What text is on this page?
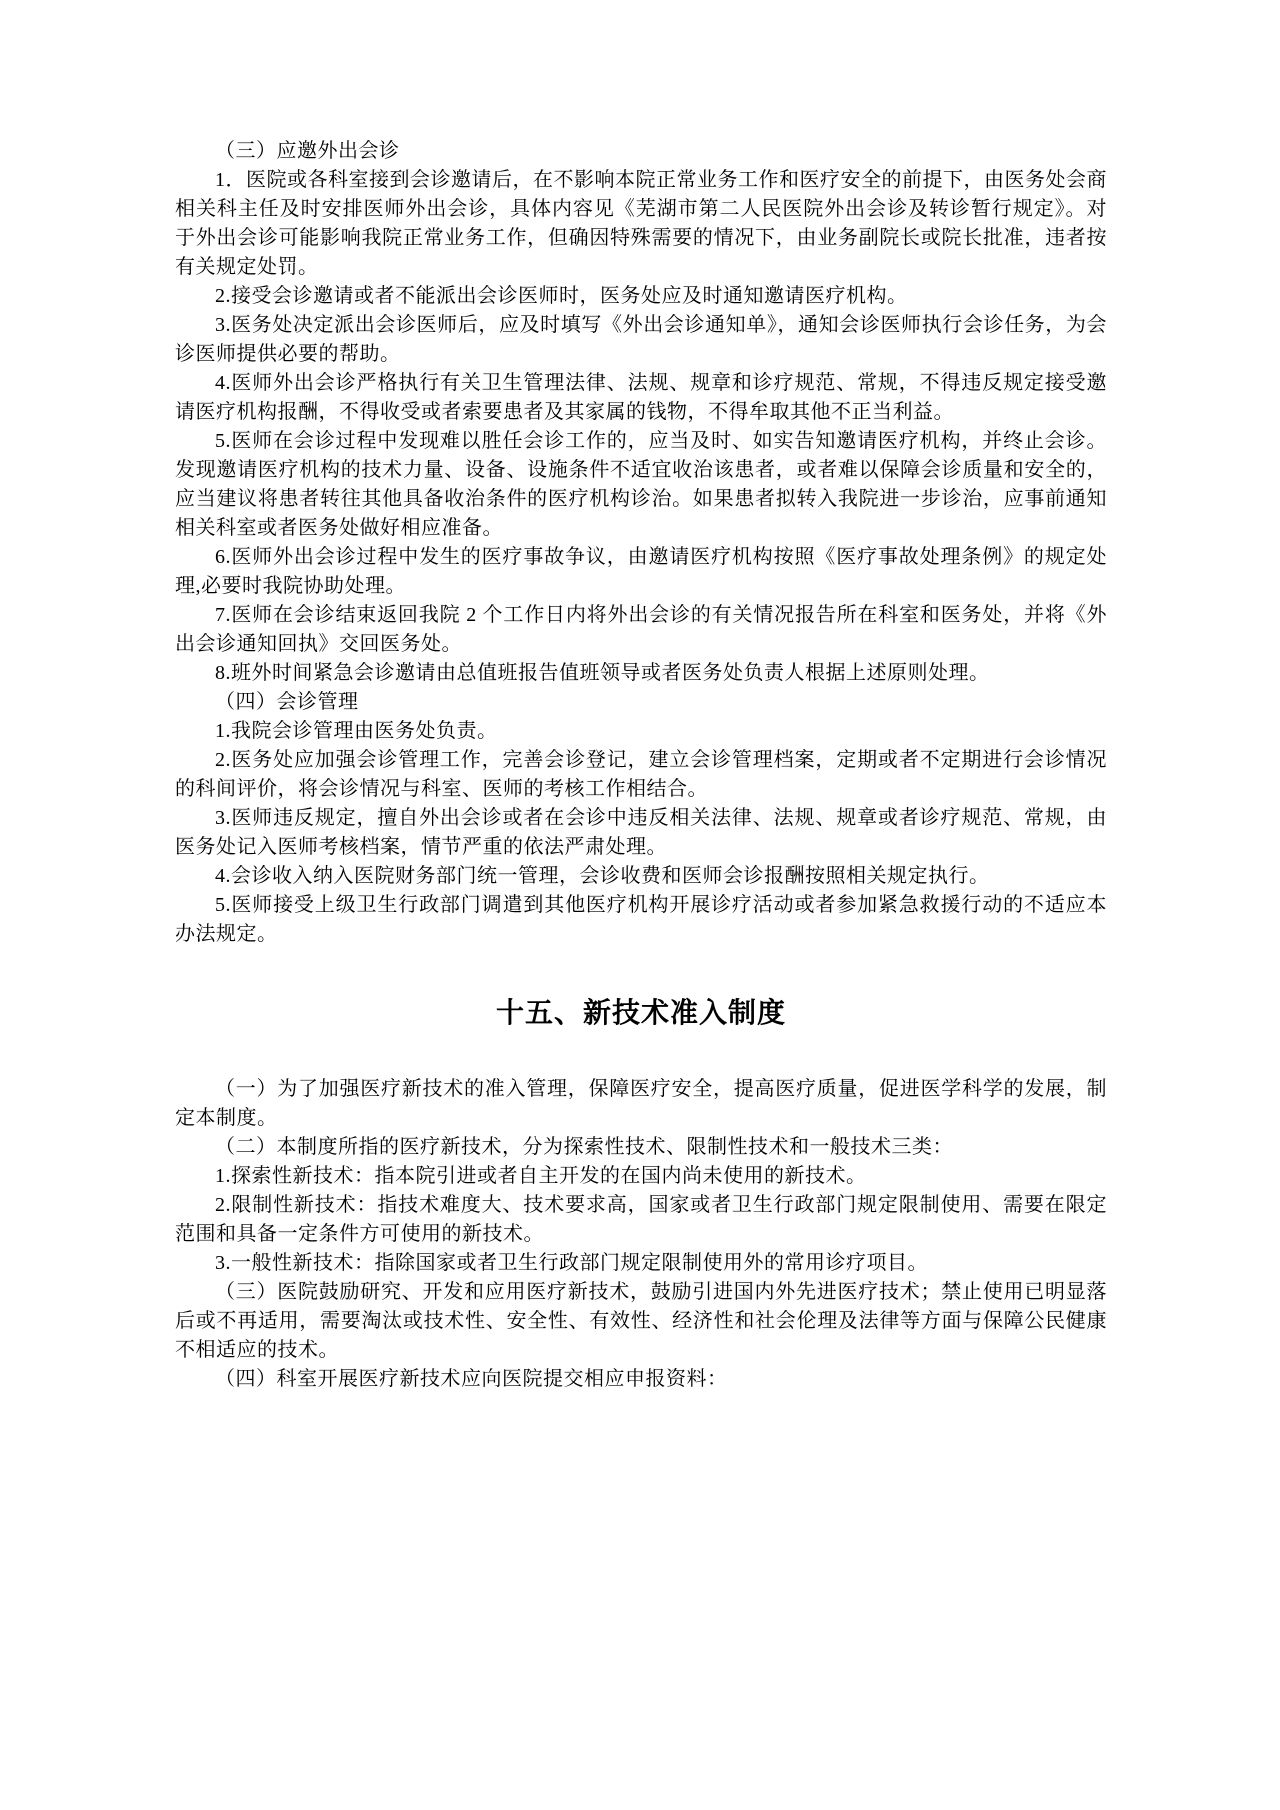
（三）应邀外出会诊

1．医院或各科室接到会诊邀请后，在不影响本院正常业务工作和医疗安全的前提下，由医务处会商相关科主任及时安排医师外出会诊，具体内容见《芜湖市第二人民医院外出会诊及转诊暂行规定》。对于外出会诊可能影响我院正常业务工作，但确因特殊需要的情况下，由业务副院长或院长批准，违者按有关规定处罚。

2.接受会诊邀请或者不能派出会诊医师时，医务处应及时通知邀请医疗机构。

3.医务处决定派出会诊医师后，应及时填写《外出会诊通知单》，通知会诊医师执行会诊任务，为会诊医师提供必要的帮助。

4.医师外出会诊严格执行有关卫生管理法律、法规、规章和诊疗规范、常规，不得违反规定接受邀请医疗机构报酬，不得收受或者索要患者及其家属的钱物，不得牟取其他不正当利益。

5.医师在会诊过程中发现难以胜任会诊工作的，应当及时、如实告知邀请医疗机构，并终止会诊。发现邀请医疗机构的技术力量、设备、设施条件不适宜收治该患者，或者难以保障会诊质量和安全的，应当建议将患者转往其他具备收治条件的医疗机构诊治。如果患者拟转入我院进一步诊治，应事前通知相关科室或者医务处做好相应准备。

6.医师外出会诊过程中发生的医疗事故争议，由邀请医疗机构按照《医疗事故处理条例》的规定处理,必要时我院协助处理。

7.医师在会诊结束返回我院 2 个工作日内将外出会诊的有关情况报告所在科室和医务处，并将《外出会诊通知回执》交回医务处。

8.班外时间紧急会诊邀请由总值班报告值班领导或者医务处负责人根据上述原则处理。

（四）会诊管理

1.我院会诊管理由医务处负责。

2.医务处应加强会诊管理工作，完善会诊登记，建立会诊管理档案，定期或者不定期进行会诊情况的科间评价，将会诊情况与科室、医师的考核工作相结合。

3.医师违反规定，擅自外出会诊或者在会诊中违反相关法律、法规、规章或者诊疗规范、常规，由医务处记入医师考核档案，情节严重的依法严肃处理。

4.会诊收入纳入医院财务部门统一管理，会诊收费和医师会诊报酬按照相关规定执行。

5.医师接受上级卫生行政部门调遣到其他医疗机构开展诊疗活动或者参加紧急救援行动的不适应本办法规定。

十五、新技术准入制度

（一）为了加强医疗新技术的准入管理，保障医疗安全，提高医疗质量，促进医学科学的发展，制定本制度。

（二）本制度所指的医疗新技术，分为探索性技术、限制性技术和一般技术三类：

1.探索性新技术：指本院引进或者自主开发的在国内尚未使用的新技术。

2.限制性新技术：指技术难度大、技术要求高，国家或者卫生行政部门规定限制使用、需要在限定范围和具备一定条件方可使用的新技术。

3.一般性新技术：指除国家或者卫生行政部门规定限制使用外的常用诊疗项目。

（三）医院鼓励研究、开发和应用医疗新技术，鼓励引进国内外先进医疗技术；禁止使用已明显落后或不再适用，需要淘汰或技术性、安全性、有效性、经济性和社会伦理及法律等方面与保障公民健康不相适应的技术。

（四）科室开展医疗新技术应向医院提交相应申报资料：
